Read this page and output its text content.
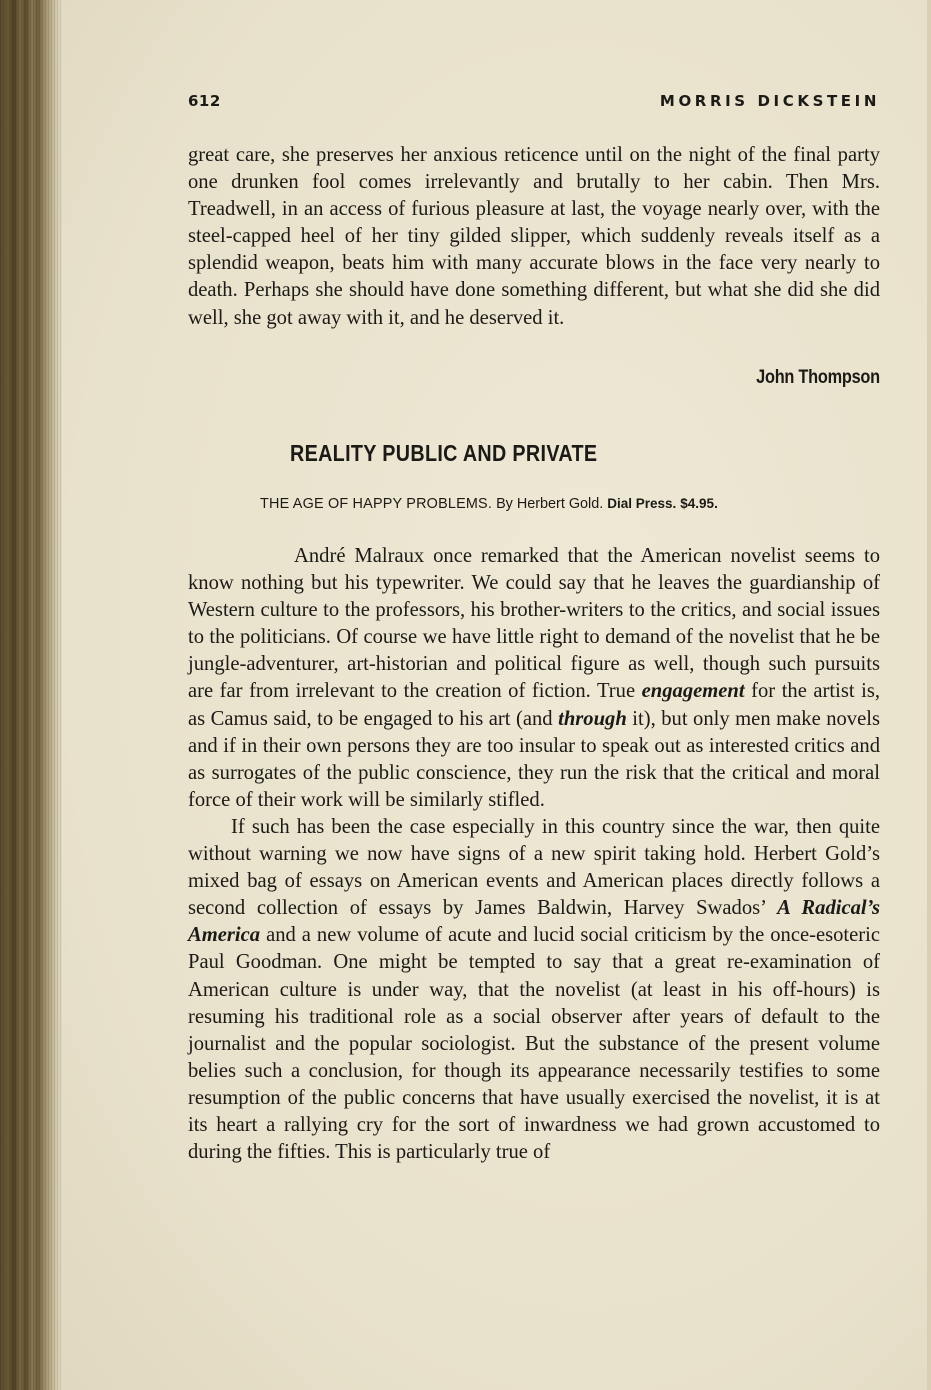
612	MORRIS DICKSTEIN

great care, she preserves her anxious reticence until on the night of the final party one drunken fool comes irrelevantly and brutally to her cabin. Then Mrs. Treadwell, in an access of furious pleasure at last, the voyage nearly over, with the steel-capped heel of her tiny gilded slipper, which suddenly reveals itself as a splendid weapon, beats him with many accurate blows in the face very nearly to death. Perhaps she should have done something different, but what she did she did well, she got away with it, and he deserved it.

John Thompson
REALITY PUBLIC AND PRIVATE
THE AGE OF HAPPY PROBLEMS. By Herbert Gold. Dial Press. $4.95.

André Malraux once remarked that the American novelist seems to know nothing but his typewriter. We could say that he leaves the guardianship of Western culture to the professors, his brother-writers to the critics, and social issues to the politicians. Of course we have little right to demand of the novelist that he be jungle-adventurer, art-historian and political figure as well, though such pursuits are far from irrelevant to the creation of fiction. True engagement for the artist is, as Camus said, to be engaged to his art (and through it), but only men make novels and if in their own persons they are too insular to speak out as interested critics and as surrogates of the public conscience, they run the risk that the critical and moral force of their work will be similarly stifled.

If such has been the case especially in this country since the war, then quite without warning we now have signs of a new spirit taking hold. Herbert Gold’s mixed bag of essays on American events and American places directly follows a second collection of essays by James Baldwin, Harvey Swados’ A Radical’s America and a new volume of acute and lucid social criticism by the once-esoteric Paul Goodman. One might be tempted to say that a great re-examination of American culture is under way, that the novelist (at least in his off-hours) is resuming his traditional role as a social observer after years of default to the journalist and the popular sociologist. But the substance of the present volume belies such a conclusion, for though its appearance necessarily testifies to some resumption of the public concerns that have usually exercised the novelist, it is at its heart a rallying cry for the sort of inwardness we had grown accustomed to during the fifties. This is particularly true of
